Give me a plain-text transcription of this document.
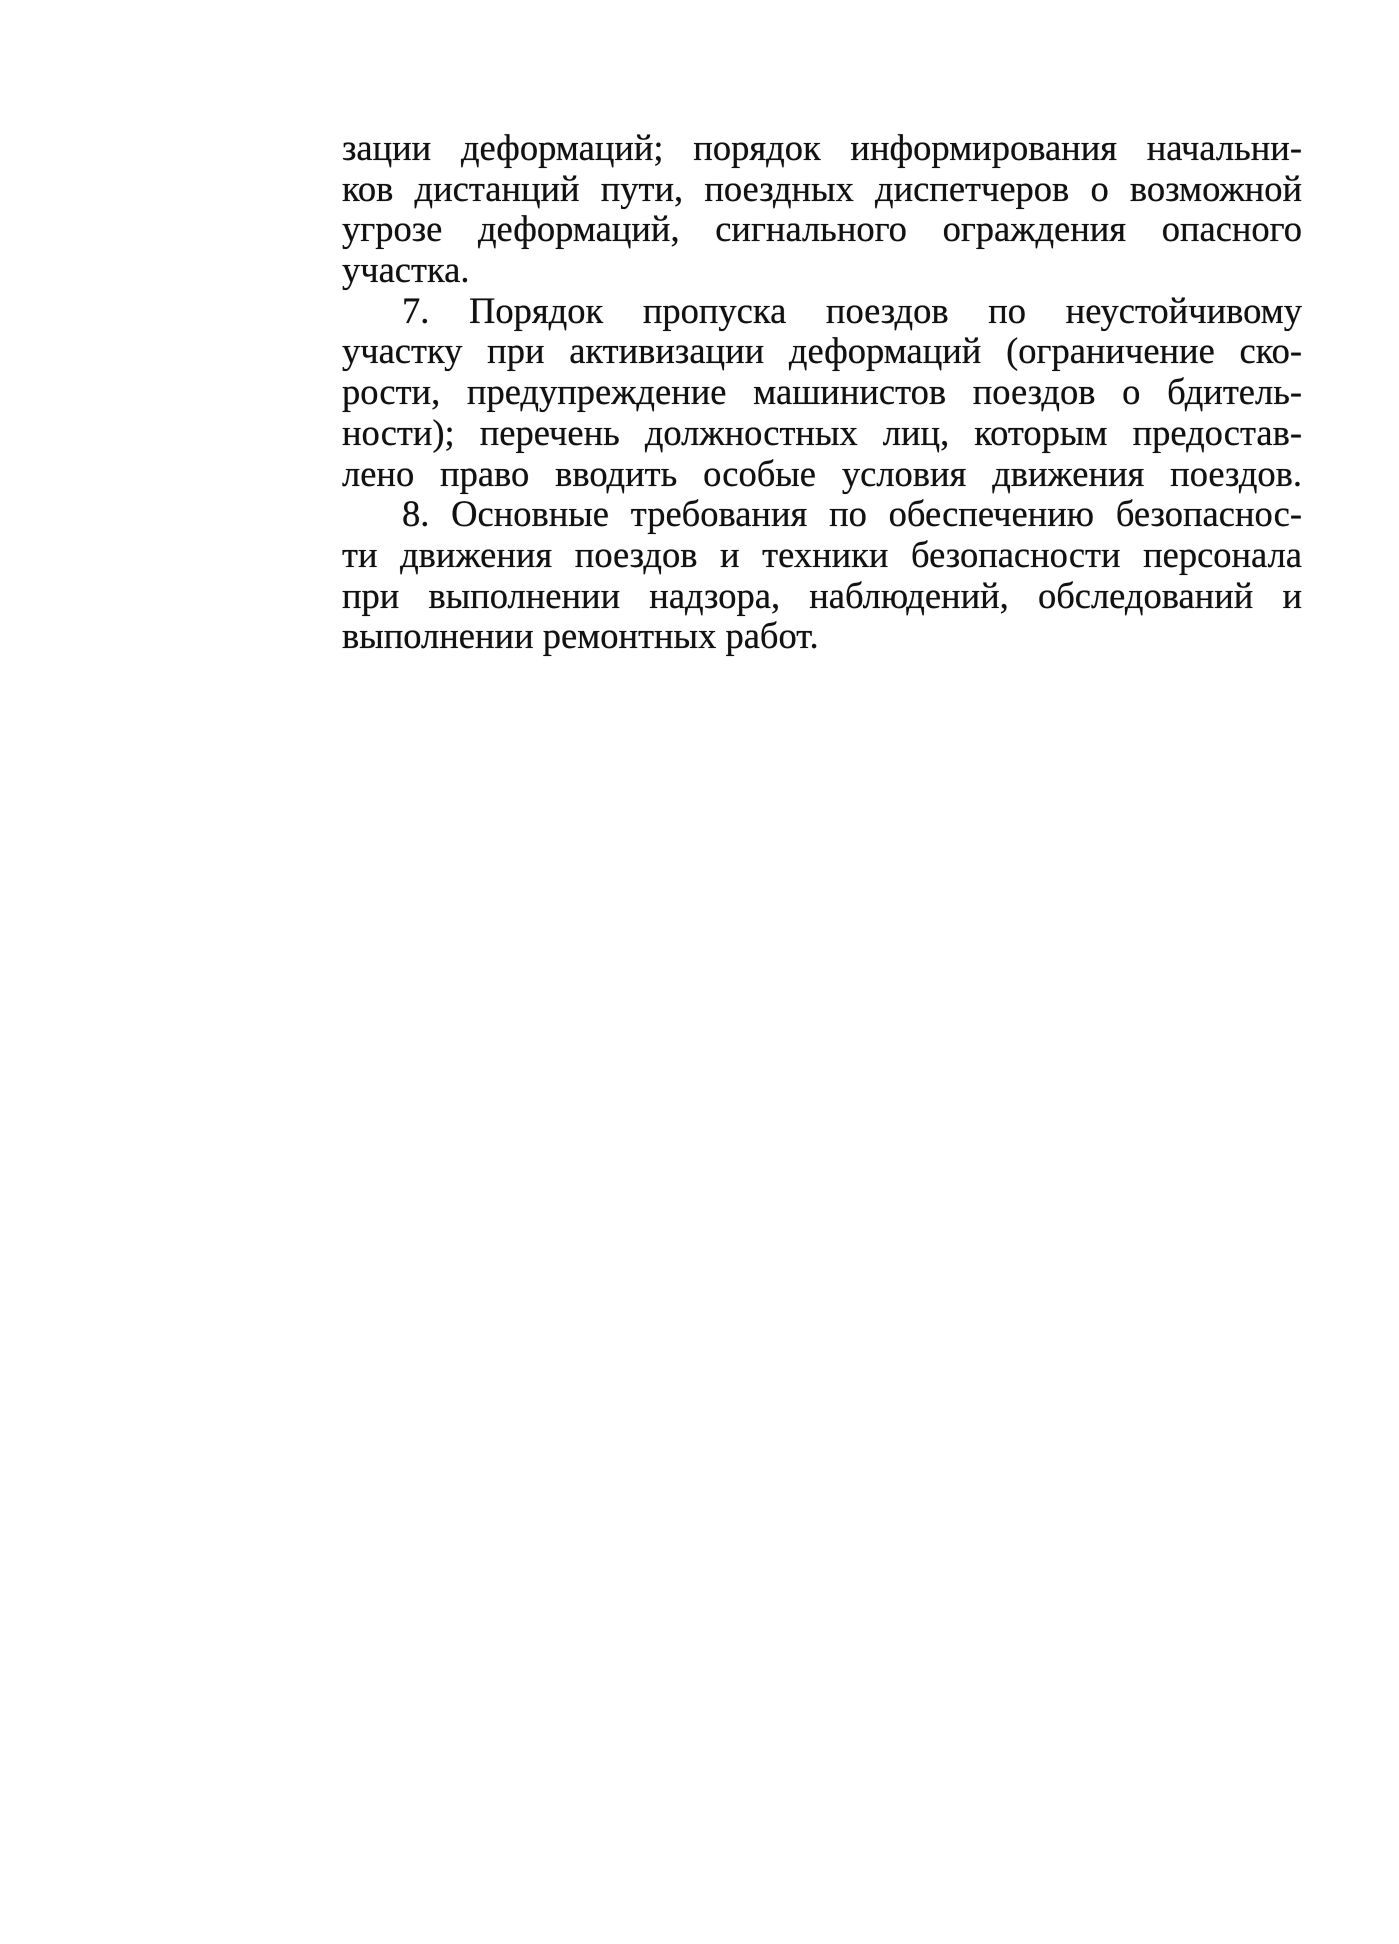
зации деформаций; порядок информирования начальни-
ков дистанций пути, поездных диспетчеров о возможной
угрозе деформаций, сигнального ограждения опасного
участка.
7. Порядок пропуска поездов по неустойчивому
участку при активизации деформаций (ограничение ско-
рости, предупреждение машинистов поездов о бдитель-
ности); перечень должностных лиц, которым предостав-
лено право вводить особые условия движения поездов.
8. Основные требования по обеспечению безопаснос-
ти движения поездов и техники безопасности персонала
при выполнении надзора, наблюдений, обследований и
выполнении ремонтных работ.
